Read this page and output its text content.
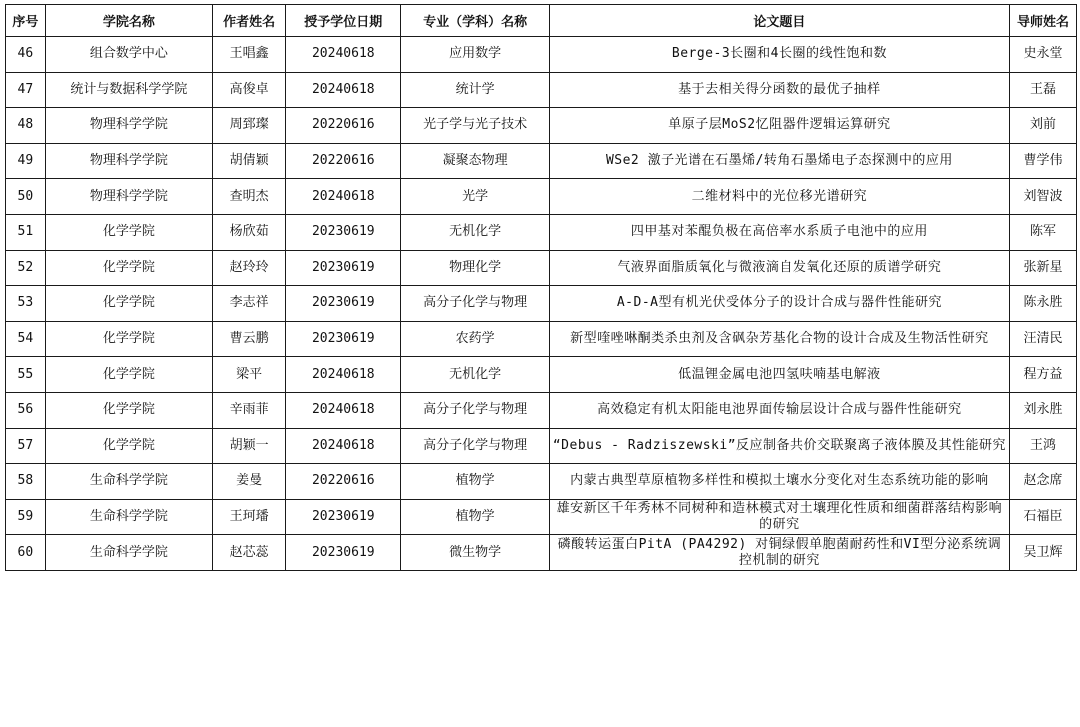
序号	学院名称	作者姓名	授予学位日期	专业（学科）名称	论文题目	导师姓名
46	组合数学中心	王唱鑫	20240618	应用数学	Berge-3长圈和4长圈的线性饱和数	史永堂
47	统计与数据科学学院	高俊卓	20240618	统计学	基于去相关得分函数的最优子抽样	王磊
48	物理科学学院	周郅璨	20220616	光子学与光子技术	单原子层MoS2忆阻器件逻辑运算研究	刘前
49	物理科学学院	胡倩颖	20220616	凝聚态物理	WSe2 激子光谱在石墨烯/转角石墨烯电子态探测中的应用	曹学伟
50	物理科学学院	查明杰	20240618	光学	二维材料中的光位移光谱研究	刘智波
51	化学学院	杨欣茹	20230619	无机化学	四甲基对苯醌负极在高倍率水系质子电池中的应用	陈军
52	化学学院	赵玲玲	20230619	物理化学	气液界面脂质氧化与微液滴自发氧化还原的质谱学研究	张新星
53	化学学院	李志祥	20230619	高分子化学与物理	A-D-A型有机光伏受体分子的设计合成与器件性能研究	陈永胜
54	化学学院	曹云鹏	20230619	农药学	新型喹唑啉酮类杀虫剂及含砜杂芳基化合物的设计合成及生物活性研究	汪清民
55	化学学院	梁平	20240618	无机化学	低温锂金属电池四氢呋喃基电解液	程方益
56	化学学院	辛雨菲	20240618	高分子化学与物理	高效稳定有机太阳能电池界面传输层设计合成与器件性能研究	刘永胜
57	化学学院	胡颖一	20240618	高分子化学与物理	“Debus - Radziszewski”反应制备共价交联聚离子液体膜及其性能研究	王鸿
58	生命科学学院	姜曼	20220616	植物学	内蒙古典型草原植物多样性和模拟土壤水分变化对生态系统功能的影响	赵念席
59	生命科学学院	王珂璠	20230619	植物学	雄安新区千年秀林不同树种和造林模式对土壤理化性质和细菌群落结构影响的研究	石福臣
60	生命科学学院	赵芯蕊	20230619	微生物学	磷酸转运蛋白PitA (PA4292) 对铜绿假单胞菌耐药性和VI型分泌系统调控机制的研究	吴卫辉
